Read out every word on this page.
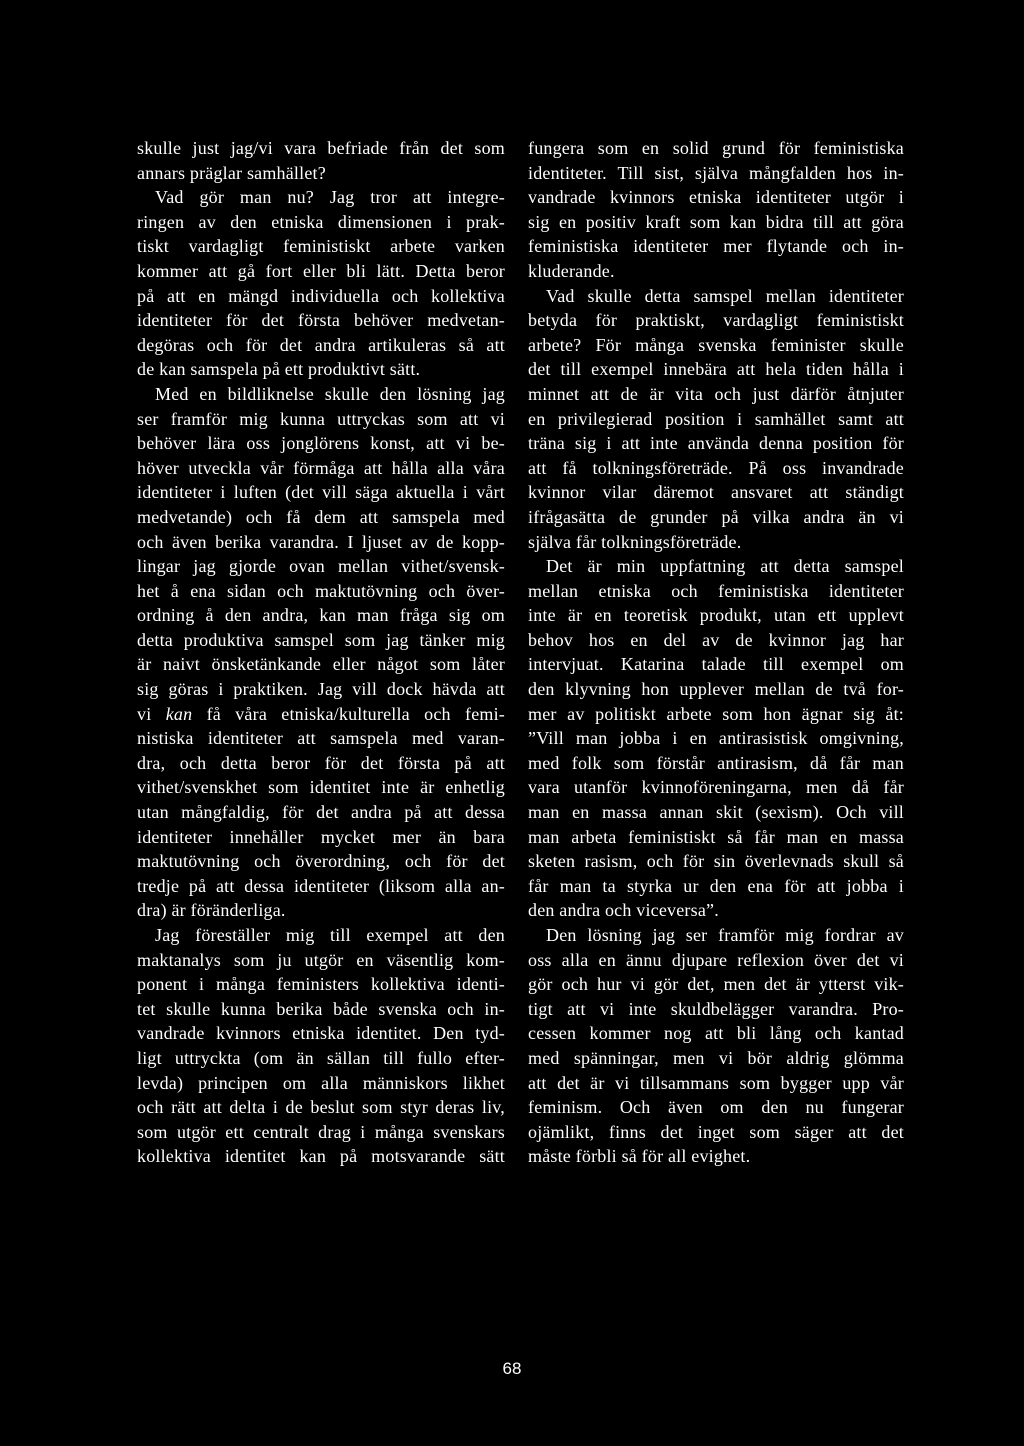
skulle just jag/vi vara befriade från det som
annars präglar samhället?
Vad gör man nu? Jag tror att integre-
ringen av den etniska dimensionen i prak-
tiskt vardagligt feministiskt arbete varken
kommer att gå fort eller bli lätt. Detta beror
på att en mängd individuella och kollektiva
identiteter för det första behöver medvetan-
degöras och för det andra artikuleras så att
de kan samspela på ett produktivt sätt.
Med en bildliknelse skulle den lösning jag
ser framför mig kunna uttryckas som att vi
behöver lära oss jonglörens konst, att vi be-
höver utveckla vår förmåga att hålla alla våra
identiteter i luften (det vill säga aktuella i vårt
medvetande) och få dem att samspela med
och även berika varandra. I ljuset av de kopp-
lingar jag gjorde ovan mellan vithet/svensk-
het å ena sidan och maktutövning och över-
ordning å den andra, kan man fråga sig om
detta produktiva samspel som jag tänker mig
är naivt önsketänkande eller något som låter
sig göras i praktiken. Jag vill dock hävda att
vi kan få våra etniska/kulturella och femi-
nistiska identiteter att samspela med varan-
dra, och detta beror för det första på att
vithet/svenskhet som identitet inte är enhetlig
utan mångfaldig, för det andra på att dessa
identiteter innehåller mycket mer än bara
maktutövning och överordning, och för det
tredje på att dessa identiteter (liksom alla an-
dra) är föränderliga.
Jag föreställer mig till exempel att den
maktanalys som ju utgör en väsentlig kom-
ponent i många feministers kollektiva identi-
tet skulle kunna berika både svenska och in-
vandrade kvinnors etniska identitet. Den tyd-
ligt uttryckta (om än sällan till fullo efter-
levda) principen om alla människors likhet
och rätt att delta i de beslut som styr deras liv,
som utgör ett centralt drag i många svenskars
kollektiva identitet kan på motsvarande sätt
fungera som en solid grund för feministiska
identiteter. Till sist, själva mångfalden hos in-
vandrade kvinnors etniska identiteter utgör i
sig en positiv kraft som kan bidra till att göra
feministiska identiteter mer flytande och in-
kluderande.
Vad skulle detta samspel mellan identiteter
betyda för praktiskt, vardagligt feministiskt
arbete? För många svenska feminister skulle
det till exempel innebära att hela tiden hålla i
minnet att de är vita och just därför åtnjuter
en privilegierad position i samhället samt att
träna sig i att inte använda denna position för
att få tolkningsföreträde. På oss invandrade
kvinnor vilar däremot ansvaret att ständigt
ifrågasätta de grunder på vilka andra än vi
själva får tolkningsföreträde.
Det är min uppfattning att detta samspel
mellan etniska och feministiska identiteter
inte är en teoretisk produkt, utan ett upplevt
behov hos en del av de kvinnor jag har
intervjuat. Katarina talade till exempel om
den klyvning hon upplever mellan de två for-
mer av politiskt arbete som hon ägnar sig åt:
”Vill man jobba i en antirasistisk omgivning,
med folk som förstår antirasism, då får man
vara utanför kvinnoföreningarna, men då får
man en massa annan skit (sexism). Och vill
man arbeta feministiskt så får man en massa
sketen rasism, och för sin överlevnads skull så
får man ta styrka ur den ena för att jobba i
den andra och viceversa”.
Den lösning jag ser framför mig fordrar av
oss alla en ännu djupare reflexion över det vi
gör och hur vi gör det, men det är ytterst vik-
tigt att vi inte skuldbelägger varandra. Pro-
cessen kommer nog att bli lång och kantad
med spänningar, men vi bör aldrig glömma
att det är vi tillsammans som bygger upp vår
feminism. Och även om den nu fungerar
ojämlikt, finns det inget som säger att det
måste förbli så för all evighet.
68
